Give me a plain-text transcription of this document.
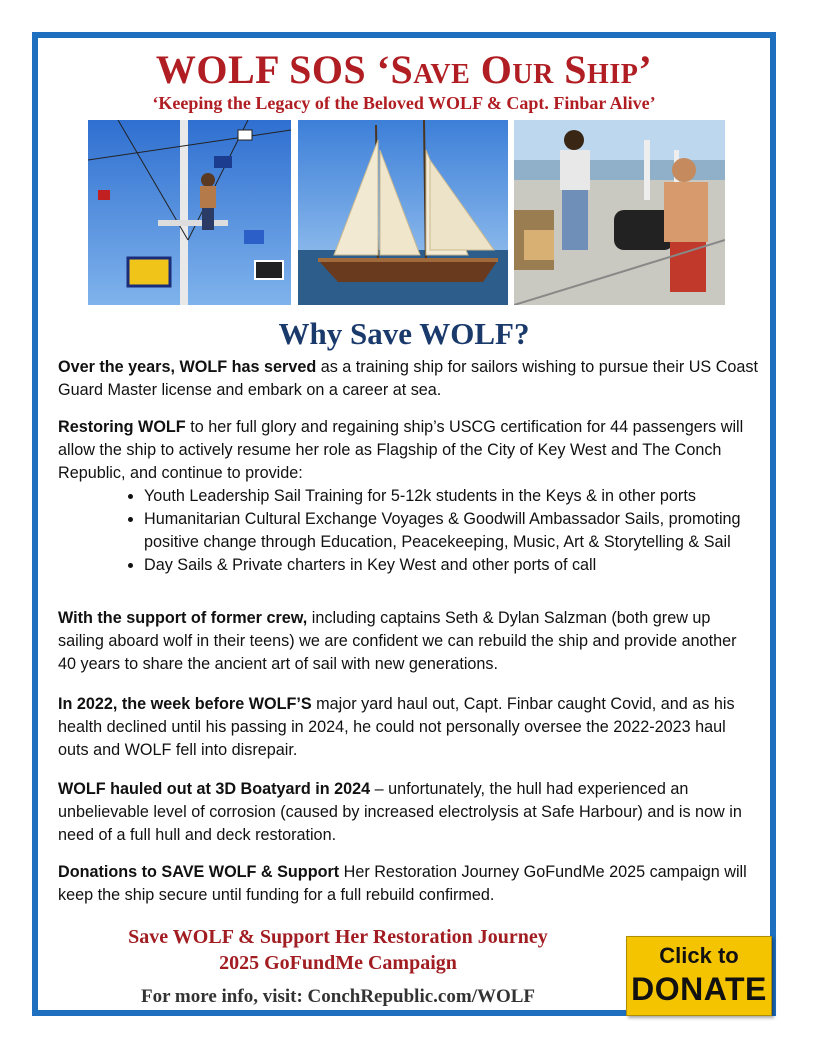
WOLF SOS ‘Save Our Ship’
‘Keeping the Legacy of the Beloved WOLF & Capt. Finbar Alive’
Why Save WOLF?
Over the years, WOLF has served as a training ship for sailors wishing to pursue their US Coast Guard Master license and embark on a career at sea.
Restoring WOLF to her full glory and regaining ship’s USCG certification for 44 passengers will allow the ship to actively resume her role as Flagship of the City of Key West and The Conch Republic, and continue to provide:
• Youth Leadership Sail Training for 5-12k students in the Keys & in other ports
• Humanitarian Cultural Exchange Voyages & Goodwill Ambassador Sails, promoting positive change through Education, Peacekeeping, Music, Art & Storytelling & Sail
• Day Sails & Private charters in Key West and other ports of call
With the support of former crew, including captains Seth & Dylan Salzman (both grew up sailing aboard wolf in their teens) we are confident we can rebuild the ship and provide another 40 years to share the ancient art of sail with new generations.
In 2022, the week before WOLF’S major yard haul out, Capt. Finbar caught Covid, and as his health declined until his passing in 2024, he could not personally oversee the 2022-2023 haul outs and WOLF fell into disrepair.
WOLF hauled out at 3D Boatyard in 2024 – unfortunately, the hull had experienced an unbelievable level of corrosion (caused by increased electrolysis at Safe Harbour) and is now in need of a full hull and deck restoration.
Donations to SAVE WOLF & Support Her Restoration Journey GoFundMe 2025 campaign will keep the ship secure until funding for a full rebuild confirmed.
Save WOLF & Support Her Restoration Journey
2025 GoFundMe Campaign
For more info, visit: ConchRepublic.com/WOLF
Click to
DONATE
